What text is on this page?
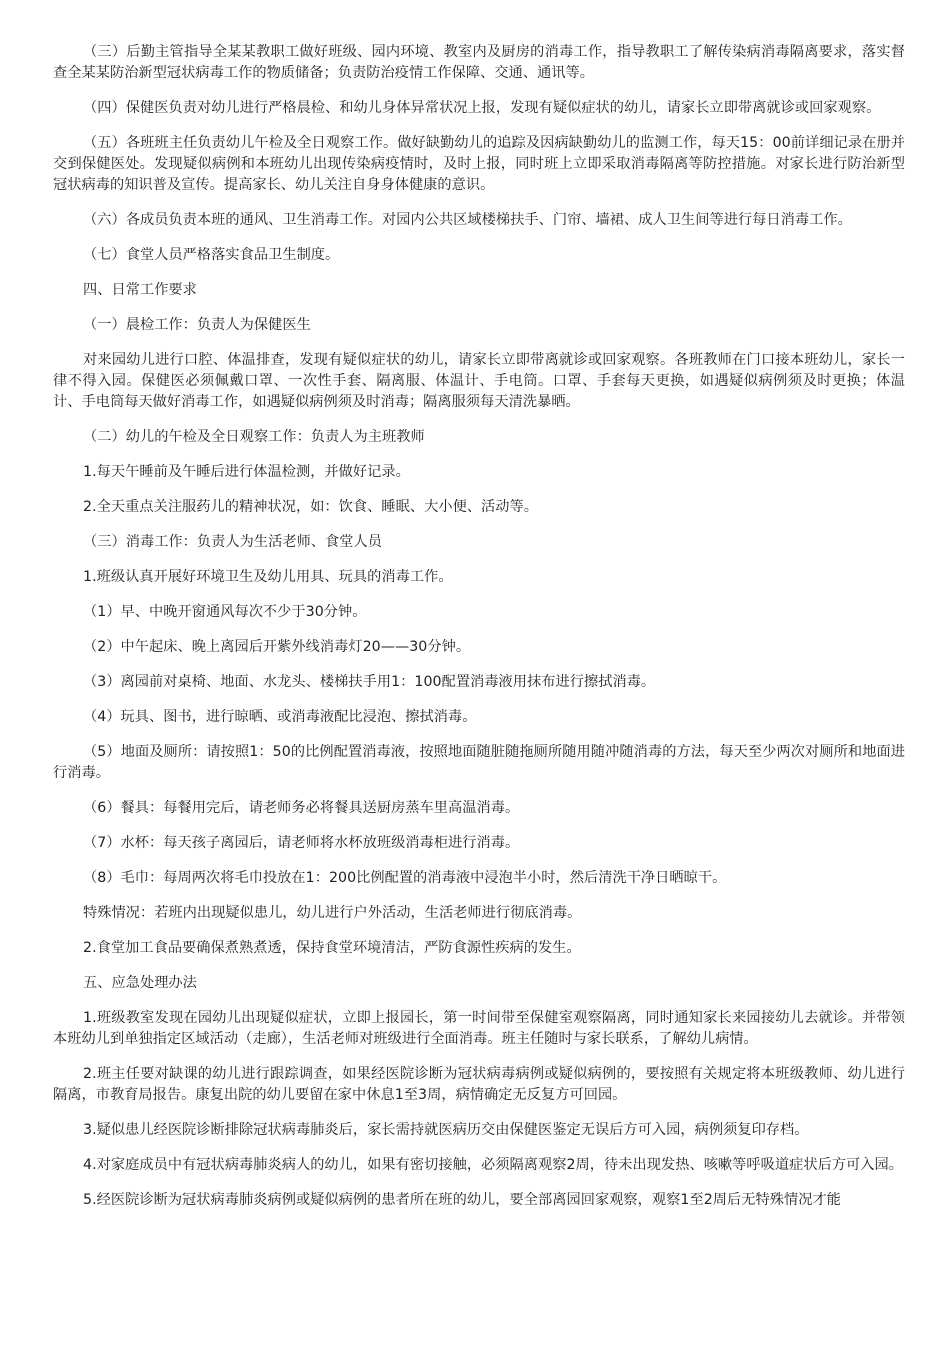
（三）后勤主管指导全某某教职工做好班级、园内环境、教室内及厨房的消毒工作，指导教职工了解传染病消毒隔离要求，落实督查全某某防治新型冠状病毒工作的物质储备；负责防治疫情工作保障、交通、通讯等。

（四）保健医负责对幼儿进行严格晨检、和幼儿身体异常状况上报，发现有疑似症状的幼儿，请家长立即带离就诊或回家观察。

（五）各班班主任负责幼儿午检及全日观察工作。做好缺勤幼儿的追踪及因病缺勤幼儿的监测工作，每天15：00前详细记录在册并交到保健医处。发现疑似病例和本班幼儿出现传染病疫情时，及时上报，同时班上立即采取消毒隔离等防控措施。对家长进行防治新型冠状病毒的知识普及宣传。提高家长、幼儿关注自身身体健康的意识。

（六）各成员负责本班的通风、卫生消毒工作。对园内公共区域楼梯扶手、门帘、墙裙、成人卫生间等进行每日消毒工作。

（七）食堂人员严格落实食品卫生制度。

四、日常工作要求

（一）晨检工作：负责人为保健医生

对来园幼儿进行口腔、体温排查，发现有疑似症状的幼儿，请家长立即带离就诊或回家观察。各班教师在门口接本班幼儿，家长一律不得入园。保健医必须佩戴口罩、一次性手套、隔离服、体温计、手电筒。口罩、手套每天更换，如遇疑似病例须及时更换；体温计、手电筒每天做好消毒工作，如遇疑似病例须及时消毒；隔离服须每天清洗暴晒。

（二）幼儿的午检及全日观察工作：负责人为主班教师

1.每天午睡前及午睡后进行体温检测，并做好记录。

2.全天重点关注服药儿的精神状况，如：饮食、睡眠、大小便、活动等。

（三）消毒工作：负责人为生活老师、食堂人员

1.班级认真开展好环境卫生及幼儿用具、玩具的消毒工作。

（1）早、中晚开窗通风每次不少于30分钟。

（2）中午起床、晚上离园后开紫外线消毒灯20——30分钟。

（3）离园前对桌椅、地面、水龙头、楼梯扶手用1：100配置消毒液用抹布进行擦拭消毒。

（4）玩具、图书，进行晾晒、或消毒液配比浸泡、擦拭消毒。

（5）地面及厕所：请按照1：50的比例配置消毒液，按照地面随脏随拖厕所随用随冲随消毒的方法，每天至少两次对厕所和地面进行消毒。

（6）餐具：每餐用完后，请老师务必将餐具送厨房蒸车里高温消毒。

（7）水杯：每天孩子离园后，请老师将水杯放班级消毒柜进行消毒。

（8）毛巾：每周两次将毛巾投放在1：200比例配置的消毒液中浸泡半小时，然后清洗干净日晒晾干。

特殊情况：若班内出现疑似患儿，幼儿进行户外活动，生活老师进行彻底消毒。

2.食堂加工食品要确保煮熟煮透，保持食堂环境清洁，严防食源性疾病的发生。

五、应急处理办法

1.班级教室发现在园幼儿出现疑似症状，立即上报园长，第一时间带至保健室观察隔离，同时通知家长来园接幼儿去就诊。并带领本班幼儿到单独指定区域活动（走廊），生活老师对班级进行全面消毒。班主任随时与家长联系，了解幼儿病情。

2.班主任要对缺课的幼儿进行跟踪调查，如果经医院诊断为冠状病毒病例或疑似病例的，要按照有关规定将本班级教师、幼儿进行隔离，市教育局报告。康复出院的幼儿要留在家中休息1至3周，病情确定无反复方可回园。

3.疑似患儿经医院诊断排除冠状病毒肺炎后，家长需持就医病历交由保健医鉴定无误后方可入园，病例须复印存档。

4.对家庭成员中有冠状病毒肺炎病人的幼儿，如果有密切接触，必须隔离观察2周，待未出现发热、咳嗽等呼吸道症状后方可入园。

5.经医院诊断为冠状病毒肺炎病例或疑似病例的患者所在班的幼儿，要全部离园回家观察，观察1至2周后无特殊情况才能
